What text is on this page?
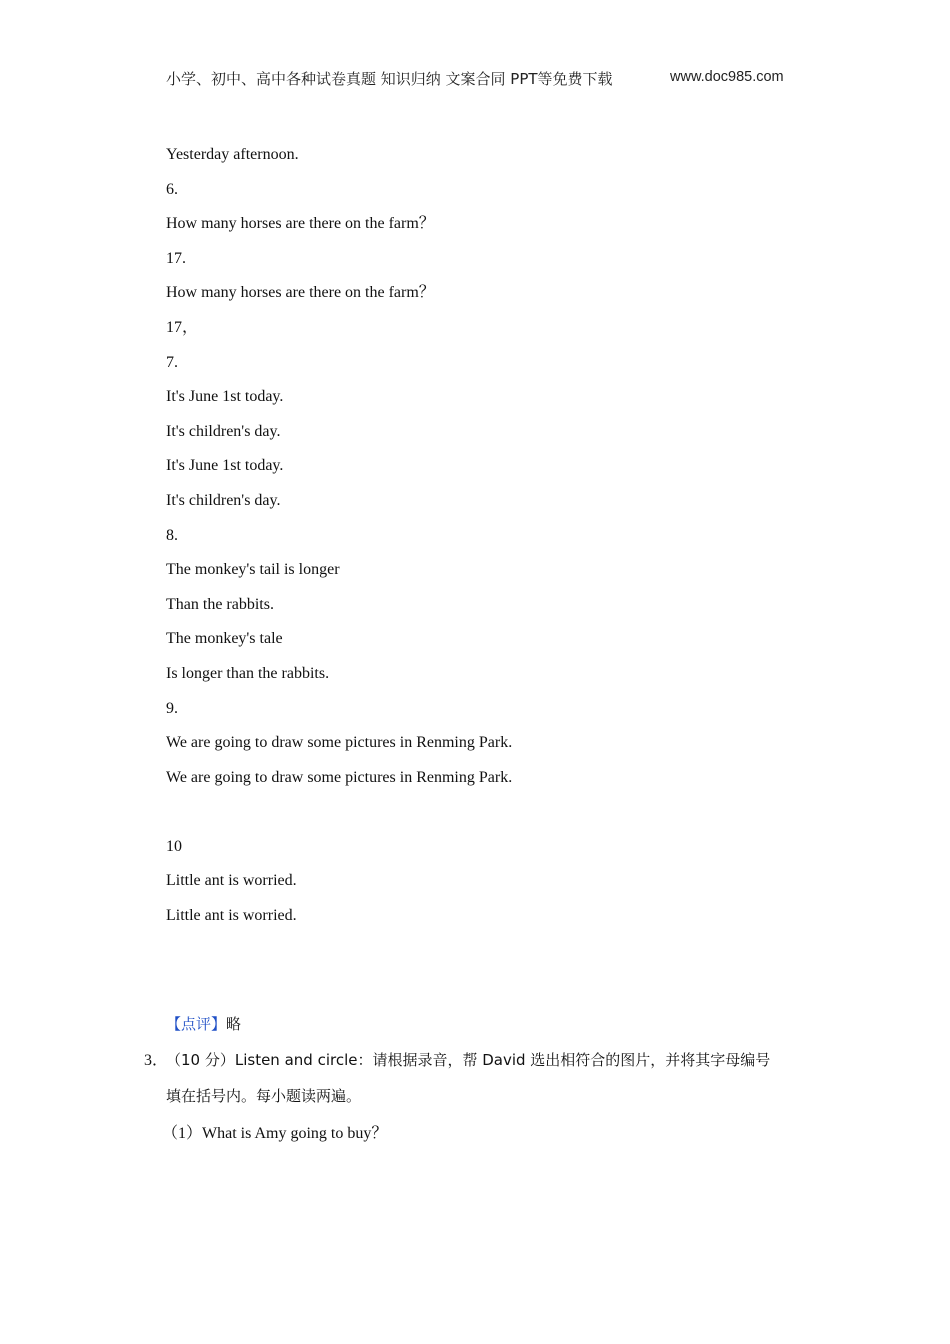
小学、初中、高中各种试卷真题 知识归纳 文案合同 PPT等免费下载	www.doc985.com
Yesterday afternoon.
6.
How many horses are there on the farm？
17.
How many horses are there on the farm？
17，
7.
It's June 1st today.
It's children's day.
It's June 1st today.
It's children's day.
8.
The monkey's tail is longer
Than the rabbits.
The monkey's tale
Is longer than the rabbits.
9.
We are going to draw some pictures in Renming Park.
We are going to draw some pictures in Renming Park.
10
Little ant is worried.
Little ant is worried.
【点评】略
3．（10 分）Listen and circle：请根据录音，帮 David 选出相符合的图片，并将其字母编号
填在括号内。每小题读两遍。
（1）What is Amy going to buy？
